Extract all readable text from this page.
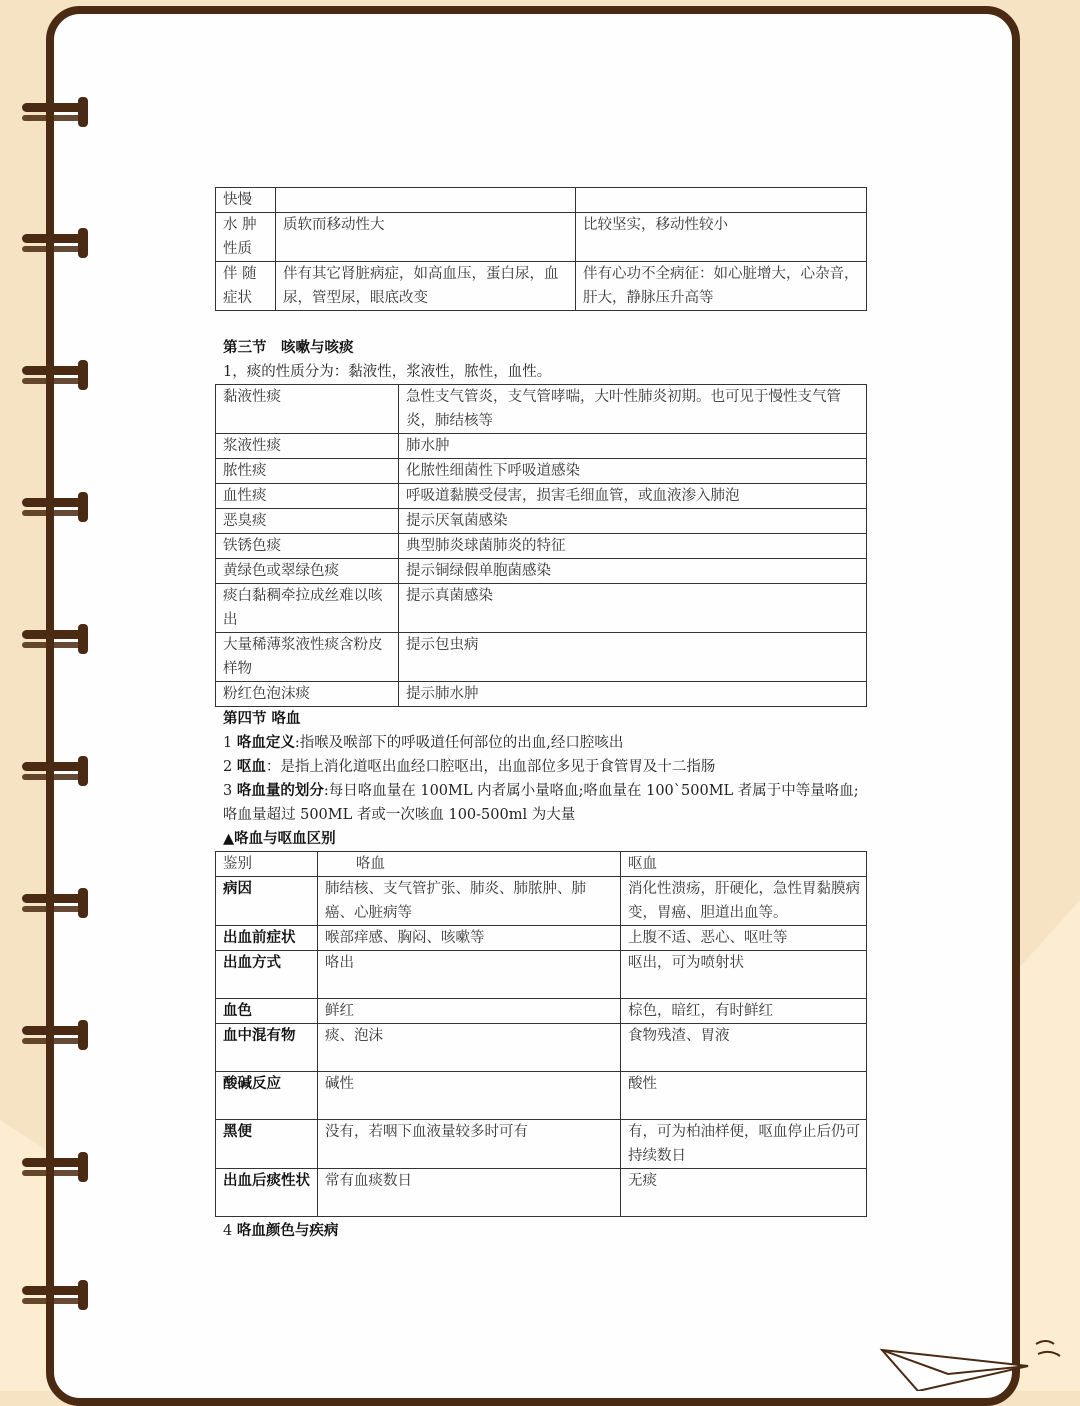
快慢		
水 肿 性质	质软而移动性大	比较坚实，移动性较小
伴 随 症状	伴有其它肾脏病症，如高血压，蛋白尿，血尿，管型尿，眼底改变	伴有心功不全病征：如心脏增大，心杂音，肝大，静脉压升高等
第三节　咳嗽与咳痰
1，痰的性质分为：黏液性，浆液性，脓性，血性。
黏液性痰	急性支气管炎，支气管哮喘，大叶性肺炎初期。也可见于慢性支气管炎，肺结核等
浆液性痰	肺水肿
脓性痰	化脓性细菌性下呼吸道感染
血性痰	呼吸道黏膜受侵害，损害毛细血管，或血液渗入肺泡
恶臭痰	提示厌氧菌感染
铁锈色痰	典型肺炎球菌肺炎的特征
黄绿色或翠绿色痰	提示铜绿假单胞菌感染
痰白黏稠牵拉成丝难以咳出	提示真菌感染
大量稀薄浆液性痰含粉皮样物	提示包虫病
粉红色泡沫痰	提示肺水肿
第四节 咯血
1 咯血定义:指喉及喉部下的呼吸道任何部位的出血,经口腔咳出
2 呕血：是指上消化道呕出血经口腔呕出，出血部位多见于食管胃及十二指肠
3 咯血量的划分:每日咯血量在 100ML 内者属小量咯血;咯血量在 100`500ML 者属于中等量咯血;咯血量超过 500ML 者或一次咳血 100-500ml 为大量
▲咯血与呕血区别
鉴别	咯血	呕血
病因	肺结核、支气管扩张、肺炎、肺脓肿、肺癌、心脏病等	消化性溃疡，肝硬化，急性胃黏膜病变，胃癌、胆道出血等。
出血前症状	喉部痒感、胸闷、咳嗽等	上腹不适、恶心、呕吐等
出血方式	咯出	呕出，可为喷射状
血色	鲜红	棕色，暗红，有时鲜红
血中混有物	痰、泡沫	食物残渣、胃液
酸碱反应	碱性	酸性
黑便	没有，若咽下血液量较多时可有	有，可为柏油样便，呕血停止后仍可持续数日
出血后痰性状	常有血痰数日	无痰
4 咯血颜色与疾病
